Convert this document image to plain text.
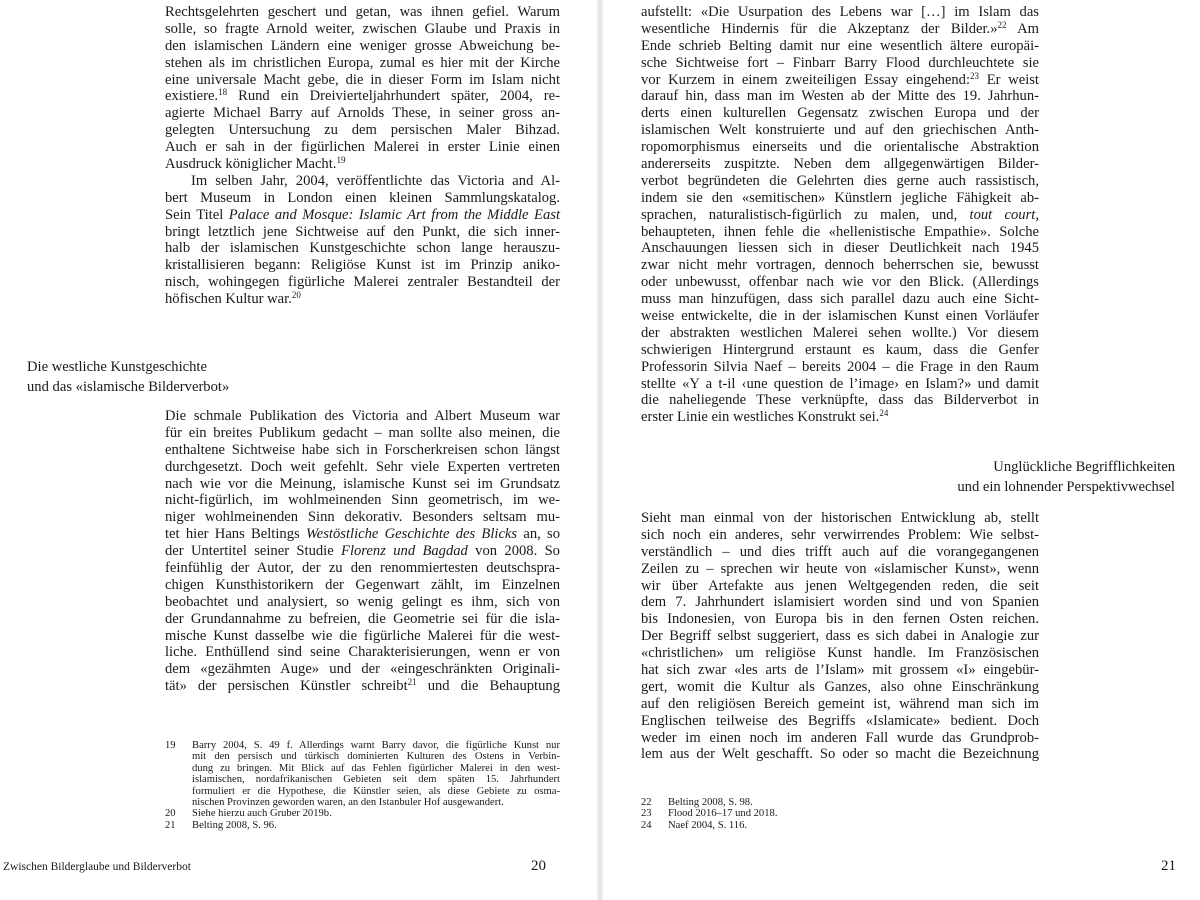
Rechtsgelehrten geschert und getan, was ihnen gefiel. Warum
solle, so fragte Arnold weiter, zwischen Glaube und Praxis in
den islamischen Ländern eine weniger grosse Abweichung be-
stehen als im christlichen Europa, zumal es hier mit der Kirche
eine universale Macht gebe, die in dieser Form im Islam nicht
existiere.$^{18}$ Rund ein Dreivierteljahrhundert später, 2004, re-
agierte Michael Barry auf Arnolds These, in seiner gross an-
gelegten Untersuchung zu dem persischen Maler Bihzad.
Auch er sah in der figürlichen Malerei in erster Linie einen
Ausdruck königlicher Macht.$^{19}$
Im selben Jahr, 2004, veröffentlichte das Victoria and Al-
bert Museum in London einen kleinen Sammlungskatalog.
Sein Titel Palace and Mosque: Islamic Art from the Middle East
bringt letztlich jene Sichtweise auf den Punkt, die sich inner-
halb der islamischen Kunstgeschichte schon lange herauszu-
kristallisieren begann: Religiöse Kunst ist im Prinzip aniko-
nisch, wohingegen figürliche Malerei zentraler Bestandteil der
höfischen Kultur war.$^{20}$
Die westliche Kunstgeschichte
und das «islamische Bilderverbot»
Die schmale Publikation des Victoria and Albert Museum war
für ein breites Publikum gedacht – man sollte also meinen, die
enthaltene Sichtweise habe sich in Forscherkreisen schon längst
durchgesetzt. Doch weit gefehlt. Sehr viele Experten vertreten
nach wie vor die Meinung, islamische Kunst sei im Grundsatz
nicht-figürlich, im wohlmeinenden Sinn geometrisch, im we-
niger wohlmeinenden Sinn dekorativ. Besonders seltsam mu-
tet hier Hans Beltings Westöstliche Geschichte des Blicks an, so
der Untertitel seiner Studie Florenz und Bagdad von 2008. So
feinfühlig der Autor, der zu den renommiertesten deutschspra-
chigen Kunsthistorikern der Gegenwart zählt, im Einzelnen
beobachtet und analysiert, so wenig gelingt es ihm, sich von
der Grundannahme zu befreien, die Geometrie sei für die isla-
mische Kunst dasselbe wie die figürliche Malerei für die west-
liche. Enthüllend sind seine Charakterisierungen, wenn er von
dem «gezähmten Auge» und der «eingeschränkten Originali-
tät» der persischen Künstler schreibt$^{21}$ und die Behauptung
19	Barry 2004, S. 49 f. Allerdings warnt Barry davor, die figürliche Kunst nur
mit den persisch und türkisch dominierten Kulturen des Ostens in Verbin-
dung zu bringen. Mit Blick auf das Fehlen figürlicher Malerei in den west-
islamischen, nordafrikanischen Gebieten seit dem späten 15. Jahrhundert
formuliert er die Hypothese, die Künstler seien, als diese Gebiete zu osma-
nischen Provinzen geworden waren, an den Istanbuler Hof ausgewandert.
20	Siehe hierzu auch Gruber 2019b.
21	Belting 2008, S. 96.
Zwischen Bilderglaube und Bilderverbot	20
aufstellt: «Die Usurpation des Lebens war […] im Islam das
wesentliche Hindernis für die Akzeptanz der Bilder.»$^{22}$ Am
Ende schrieb Belting damit nur eine wesentlich ältere europäi-
sche Sichtweise fort – Finbarr Barry Flood durchleuchtete sie
vor Kurzem in einem zweiteiligen Essay eingehend:$^{23}$ Er weist
darauf hin, dass man im Westen ab der Mitte des 19. Jahrhun-
derts einen kulturellen Gegensatz zwischen Europa und der
islamischen Welt konstruierte und auf den griechischen Anth-
ropomorphismus einerseits und die orientalische Abstraktion
andererseits zuspitzte. Neben dem allgegenwärtigen Bilder-
verbot begründeten die Gelehrten dies gerne auch rassistisch,
indem sie den «semitischen» Künstlern jegliche Fähigkeit ab-
sprachen, naturalistisch-figürlich zu malen, und, tout court,
behaupteten, ihnen fehle die «hellenistische Empathie». Solche
Anschauungen liessen sich in dieser Deutlichkeit nach 1945
zwar nicht mehr vortragen, dennoch beherrschen sie, bewusst
oder unbewusst, offenbar nach wie vor den Blick. (Allerdings
muss man hinzufügen, dass sich parallel dazu auch eine Sicht-
weise entwickelte, die in der islamischen Kunst einen Vorläufer
der abstrakten westlichen Malerei sehen wollte.) Vor diesem
schwierigen Hintergrund erstaunt es kaum, dass die Genfer
Professorin Silvia Naef – bereits 2004 – die Frage in den Raum
stellte «Y a t-il ‹une question de l’image› en Islam?» und damit
die naheliegende These verknüpfte, dass das Bilderverbot in
erster Linie ein westliches Konstrukt sei.$^{24}$
Unglückliche Begrifflichkeiten
und ein lohnender Perspektivwechsel
Sieht man einmal von der historischen Entwicklung ab, stellt
sich noch ein anderes, sehr verwirrendes Problem: Wie selbst-
verständlich – und dies trifft auch auf die vorangegangenen
Zeilen zu – sprechen wir heute von «islamischer Kunst», wenn
wir über Artefakte aus jenen Weltgegenden reden, die seit
dem 7. Jahrhundert islamisiert worden sind und von Spanien
bis Indonesien, von Europa bis in den fernen Osten reichen.
Der Begriff selbst suggeriert, dass es sich dabei in Analogie zur
«christlichen» um religiöse Kunst handle. Im Französischen
hat sich zwar «les arts de l’Islam» mit grossem «I» eingebür-
gert, womit die Kultur als Ganzes, also ohne Einschränkung
auf den religiösen Bereich gemeint ist, während man sich im
Englischen teilweise des Begriffs «Islamicate» bedient. Doch
weder im einen noch im anderen Fall wurde das Grundprob-
lem aus der Welt geschafft. So oder so macht die Bezeichnung
22	Belting 2008, S. 98.
23	Flood 2016–17 und 2018.
24	Naef 2004, S. 116.
21
